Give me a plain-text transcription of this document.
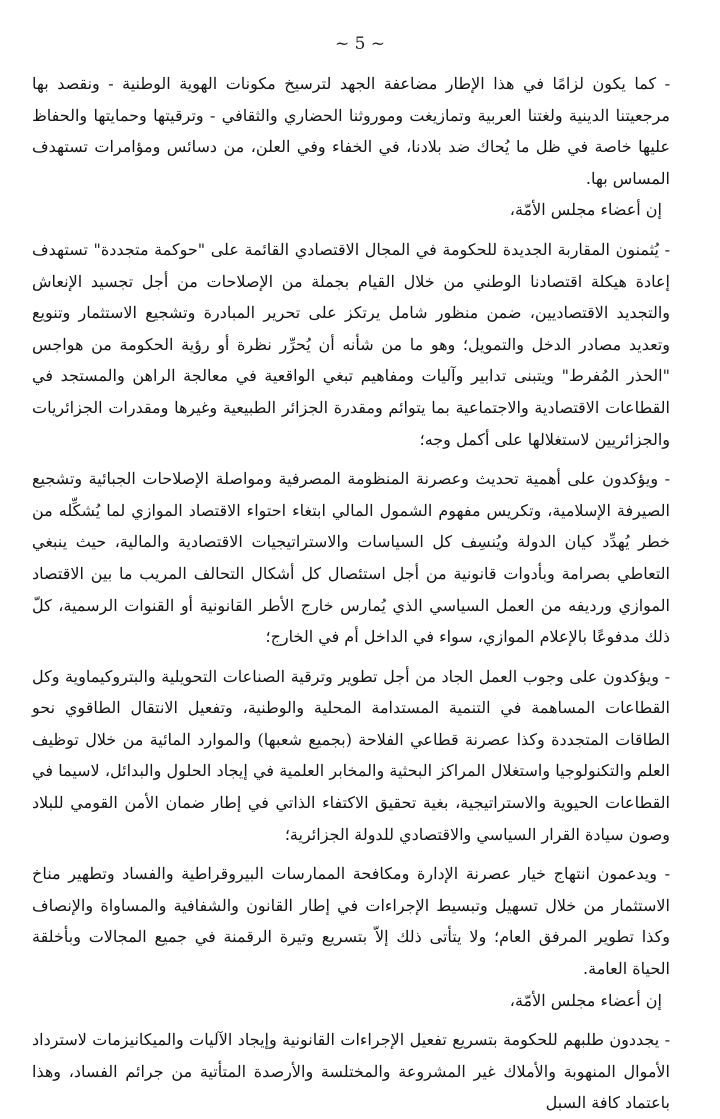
~ 5 ~

- كما يكون لزامًا في هذا الإطار مضاعفة الجهد لترسيخ مكونات الهوية الوطنية - ونقصد بها مرجعيتنا الدينية ولغتنا العربية وتمازيغت وموروثنا الحضاري والثقافي - وترقيتها وحمايتها والحفاظ عليها خاصة في ظل ما يُحاك ضد بلادنا، في الخفاء وفي العلن، من دسائس ومؤامرات تستهدف المساس بها.

إن أعضاء مجلس الأمّة،

- يُثمنون المقاربة الجديدة للحكومة في المجال الاقتصادي القائمة على "حوكمة متجددة" تستهدف إعادة هيكلة اقتصادنا الوطني من خلال القيام بجملة من الإصلاحات من أجل تجسيد الإنعاش والتجديد الاقتصاديين، ضمن منظور شامل يرتكز على تحرير المبادرة وتشجيع الاستثمار وتنويع وتعديد مصادر الدخل والتمويل؛ وهو ما من شأنه أن يُحرِّر نظرة أو رؤية الحكومة من هواجس "الحذر المُفرط" ويتبنى تدابير وآليات ومفاهيم تبغي الواقعية في معالجة الراهن والمستجد في القطاعات الاقتصادية والاجتماعية بما يتوائم ومقدرة الجزائر الطبيعية وغيرها ومقدرات الجزائريات والجزائريين لاستغلالها على أكمل وجه؛

- ويؤكدون على أهمية تحديث وعصرنة المنظومة المصرفية ومواصلة الإصلاحات الجبائية وتشجيع الصيرفة الإسلامية، وتكريس مفهوم الشمول المالي ابتغاء احتواء الاقتصاد الموازي لما يُشكِّله من خطر يُهدِّد كيان الدولة ويُنسِف كل السياسات والاستراتيجيات الاقتصادية والمالية، حيث ينبغي التعاطي بصرامة وبأدوات قانونية من أجل استئصال كل أشكال التحالف المريب ما بين الاقتصاد الموازي ورديفه من العمل السياسي الذي يُمارس خارج الأطر القانونية أو القنوات الرسمية، كلّ ذلك مدفوعًا بالإعلام الموازي، سواء في الداخل أم في الخارج؛

- ويؤكدون على وجوب العمل الجاد من أجل تطوير وترقية الصناعات التحويلية والبتروكيماوية وكل القطاعات المساهمة في التنمية المستدامة المحلية والوطنية، وتفعيل الانتقال الطاقوي نحو الطاقات المتجددة وكذا عصرنة قطاعي الفلاحة (بجميع شعبها) والموارد المائية من خلال توظيف العلم والتكنولوجيا واستغلال المراكز البحثية والمخابر العلمية في إيجاد الحلول والبدائل، لاسيما في القطاعات الحيوية والاستراتيجية، بغية تحقيق الاكتفاء الذاتي في إطار ضمان الأمن القومي للبلاد وصون سيادة القرار السياسي والاقتصادي للدولة الجزائرية؛

- ويدعمون انتهاج خيار عصرنة الإدارة ومكافحة الممارسات البيروقراطية والفساد وتطهير مناخ الاستثمار من خلال تسهيل وتبسيط الإجراءات في إطار القانون والشفافية والمساواة والإنصاف وكذا تطوير المرفق العام؛ ولا يتأتى ذلك إلاّ بتسريع وتيرة الرقمنة في جميع المجالات وبأخلقة الحياة العامة.

إن أعضاء مجلس الأمّة،

- يجددون طلبهم للحكومة بتسريع تفعيل الإجراءات القانونية وإيجاد الآليات والميكانيزمات لاسترداد الأموال المنهوبة والأملاك غير المشروعة والمختلسة والأرصدة المتأتية من جرائم الفساد، وهذا باعتماد كافة السبل
